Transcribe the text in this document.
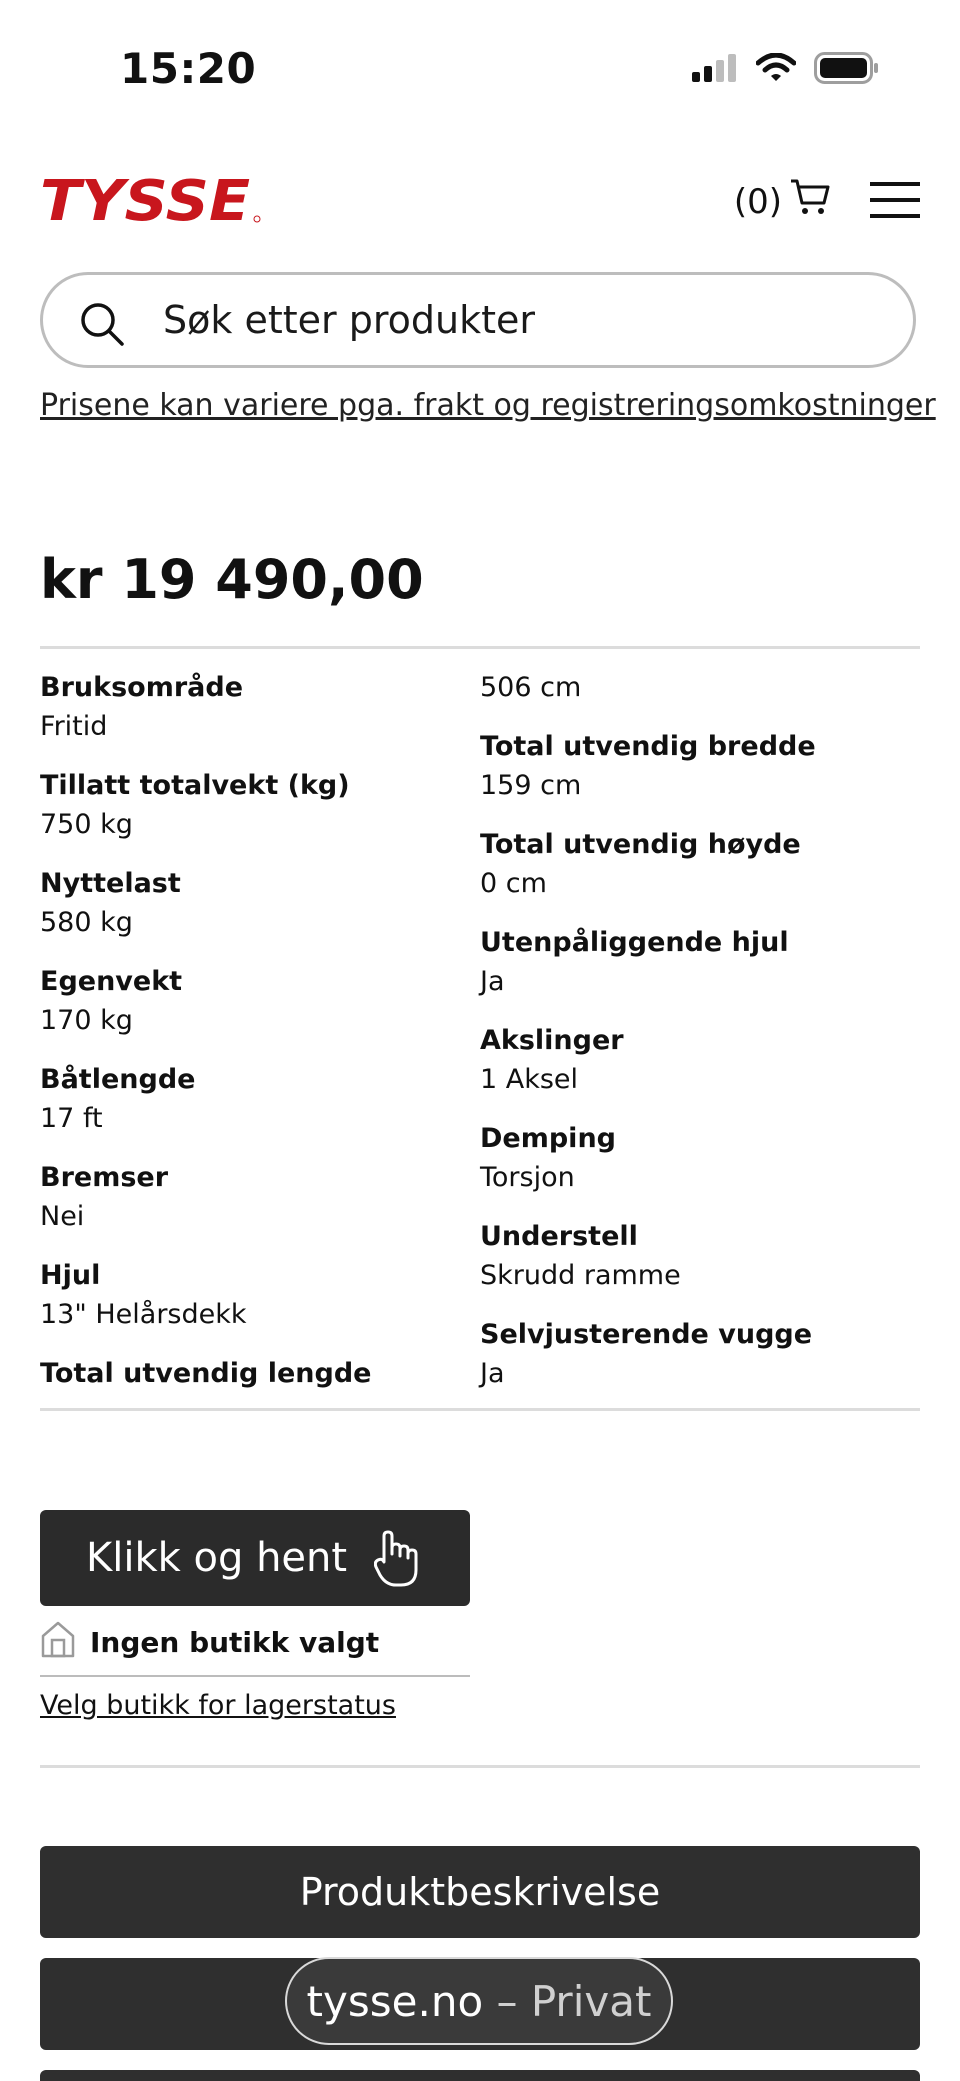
15:20
TYSSE	(0)
Søk etter produkter
Prisene kan variere pga. frakt og registreringsomkostninger
kr 19 490,00
Bruksområde
Fritid
Tillatt totalvekt (kg)
750 kg
Nyttelast
580 kg
Egenvekt
170 kg
Båtlengde
17 ft
Bremser
Nei
Hjul
13" Helårsdekk
Total utvendig lengde
506 cm
Total utvendig bredde
159 cm
Total utvendig høyde
0 cm
Utenpåliggende hjul
Ja
Akslinger
1 Aksel
Demping
Torsjon
Understell
Skrudd ramme
Selvjusterende vugge
Ja
Klikk og hent
Ingen butikk valgt
Velg butikk for lagerstatus
Produktbeskrivelse
tysse.no – Privat
